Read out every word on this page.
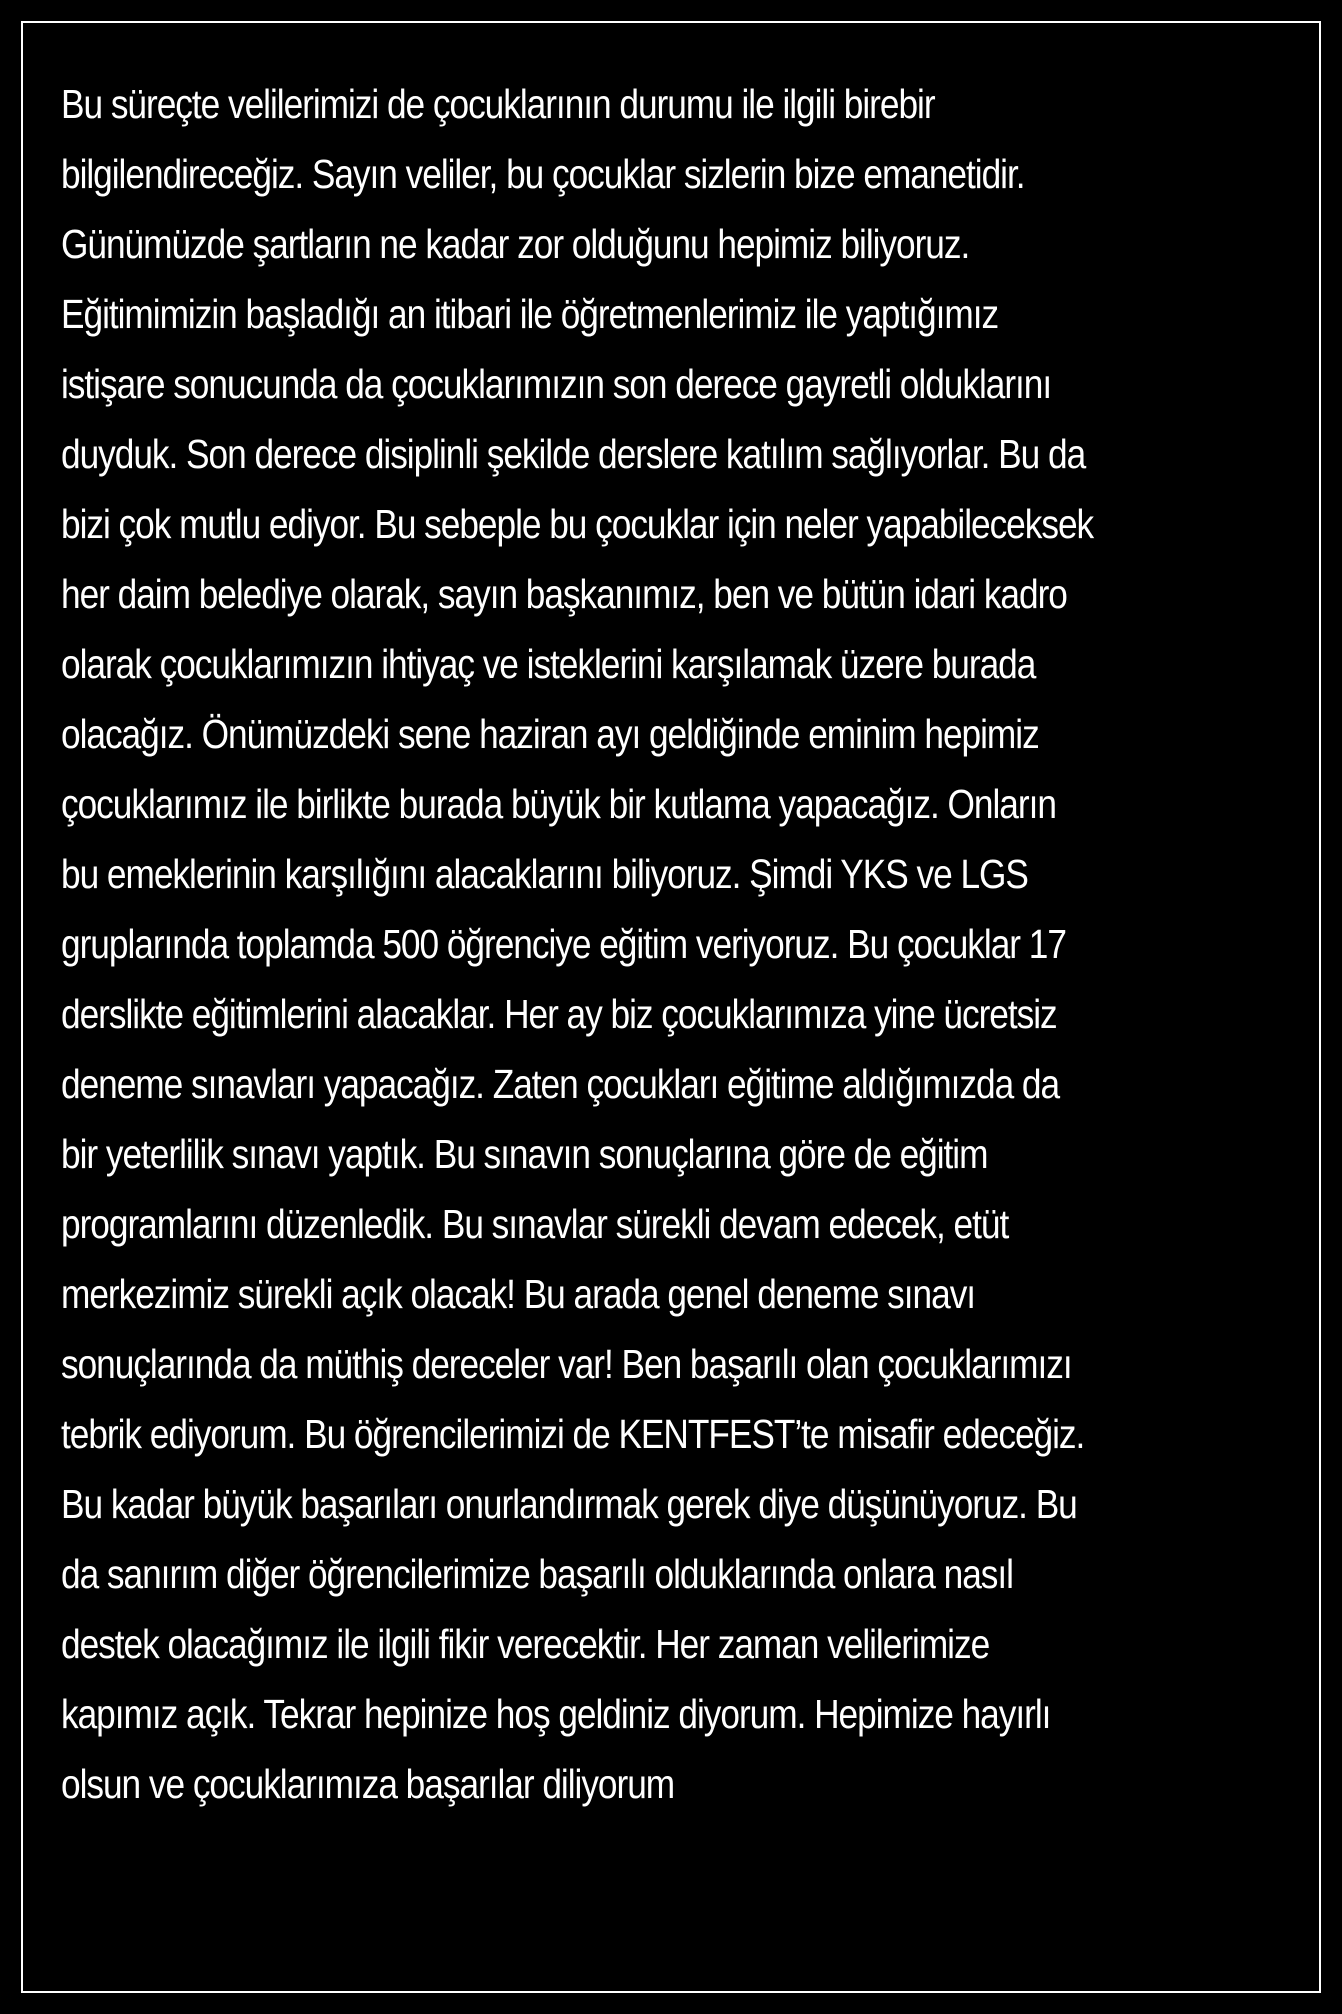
Bu süreçte velilerimizi de çocuklarının durumu ile ilgili birebir
bilgilendireceğiz. Sayın veliler, bu çocuklar sizlerin bize emanetidir.
Günümüzde şartların ne kadar zor olduğunu hepimiz biliyoruz.
Eğitimimizin başladığı an itibari ile öğretmenlerimiz ile yaptığımız
istişare sonucunda da çocuklarımızın son derece gayretli olduklarını
duyduk. Son derece disiplinli şekilde derslere katılım sağlıyorlar. Bu da
bizi çok mutlu ediyor. Bu sebeple bu çocuklar için neler yapabileceksek
her daim belediye olarak, sayın başkanımız, ben ve bütün idari kadro
olarak çocuklarımızın ihtiyaç ve isteklerini karşılamak üzere burada
olacağız. Önümüzdeki sene haziran ayı geldiğinde eminim hepimiz
çocuklarımız ile birlikte burada büyük bir kutlama yapacağız. Onların
bu emeklerinin karşılığını alacaklarını biliyoruz. Şimdi YKS ve LGS
gruplarında toplamda 500 öğrenciye eğitim veriyoruz. Bu çocuklar 17
derslikte eğitimlerini alacaklar. Her ay biz çocuklarımıza yine ücretsiz
deneme sınavları yapacağız. Zaten çocukları eğitime aldığımızda da
bir yeterlilik sınavı yaptık. Bu sınavın sonuçlarına göre de eğitim
programlarını düzenledik. Bu sınavlar sürekli devam edecek, etüt
merkezimiz sürekli açık olacak! Bu arada genel deneme sınavı
sonuçlarında da müthiş dereceler var! Ben başarılı olan çocuklarımızı
tebrik ediyorum. Bu öğrencilerimizi de KENTFEST’te misafir edeceğiz.
Bu kadar büyük başarıları onurlandırmak gerek diye düşünüyoruz. Bu
da sanırım diğer öğrencilerimize başarılı olduklarında onlara nasıl
destek olacağımız ile ilgili fikir verecektir. Her zaman velilerimize
kapımız açık. Tekrar hepinize hoş geldiniz diyorum. Hepimize hayırlı
olsun ve çocuklarımıza başarılar diliyorum
